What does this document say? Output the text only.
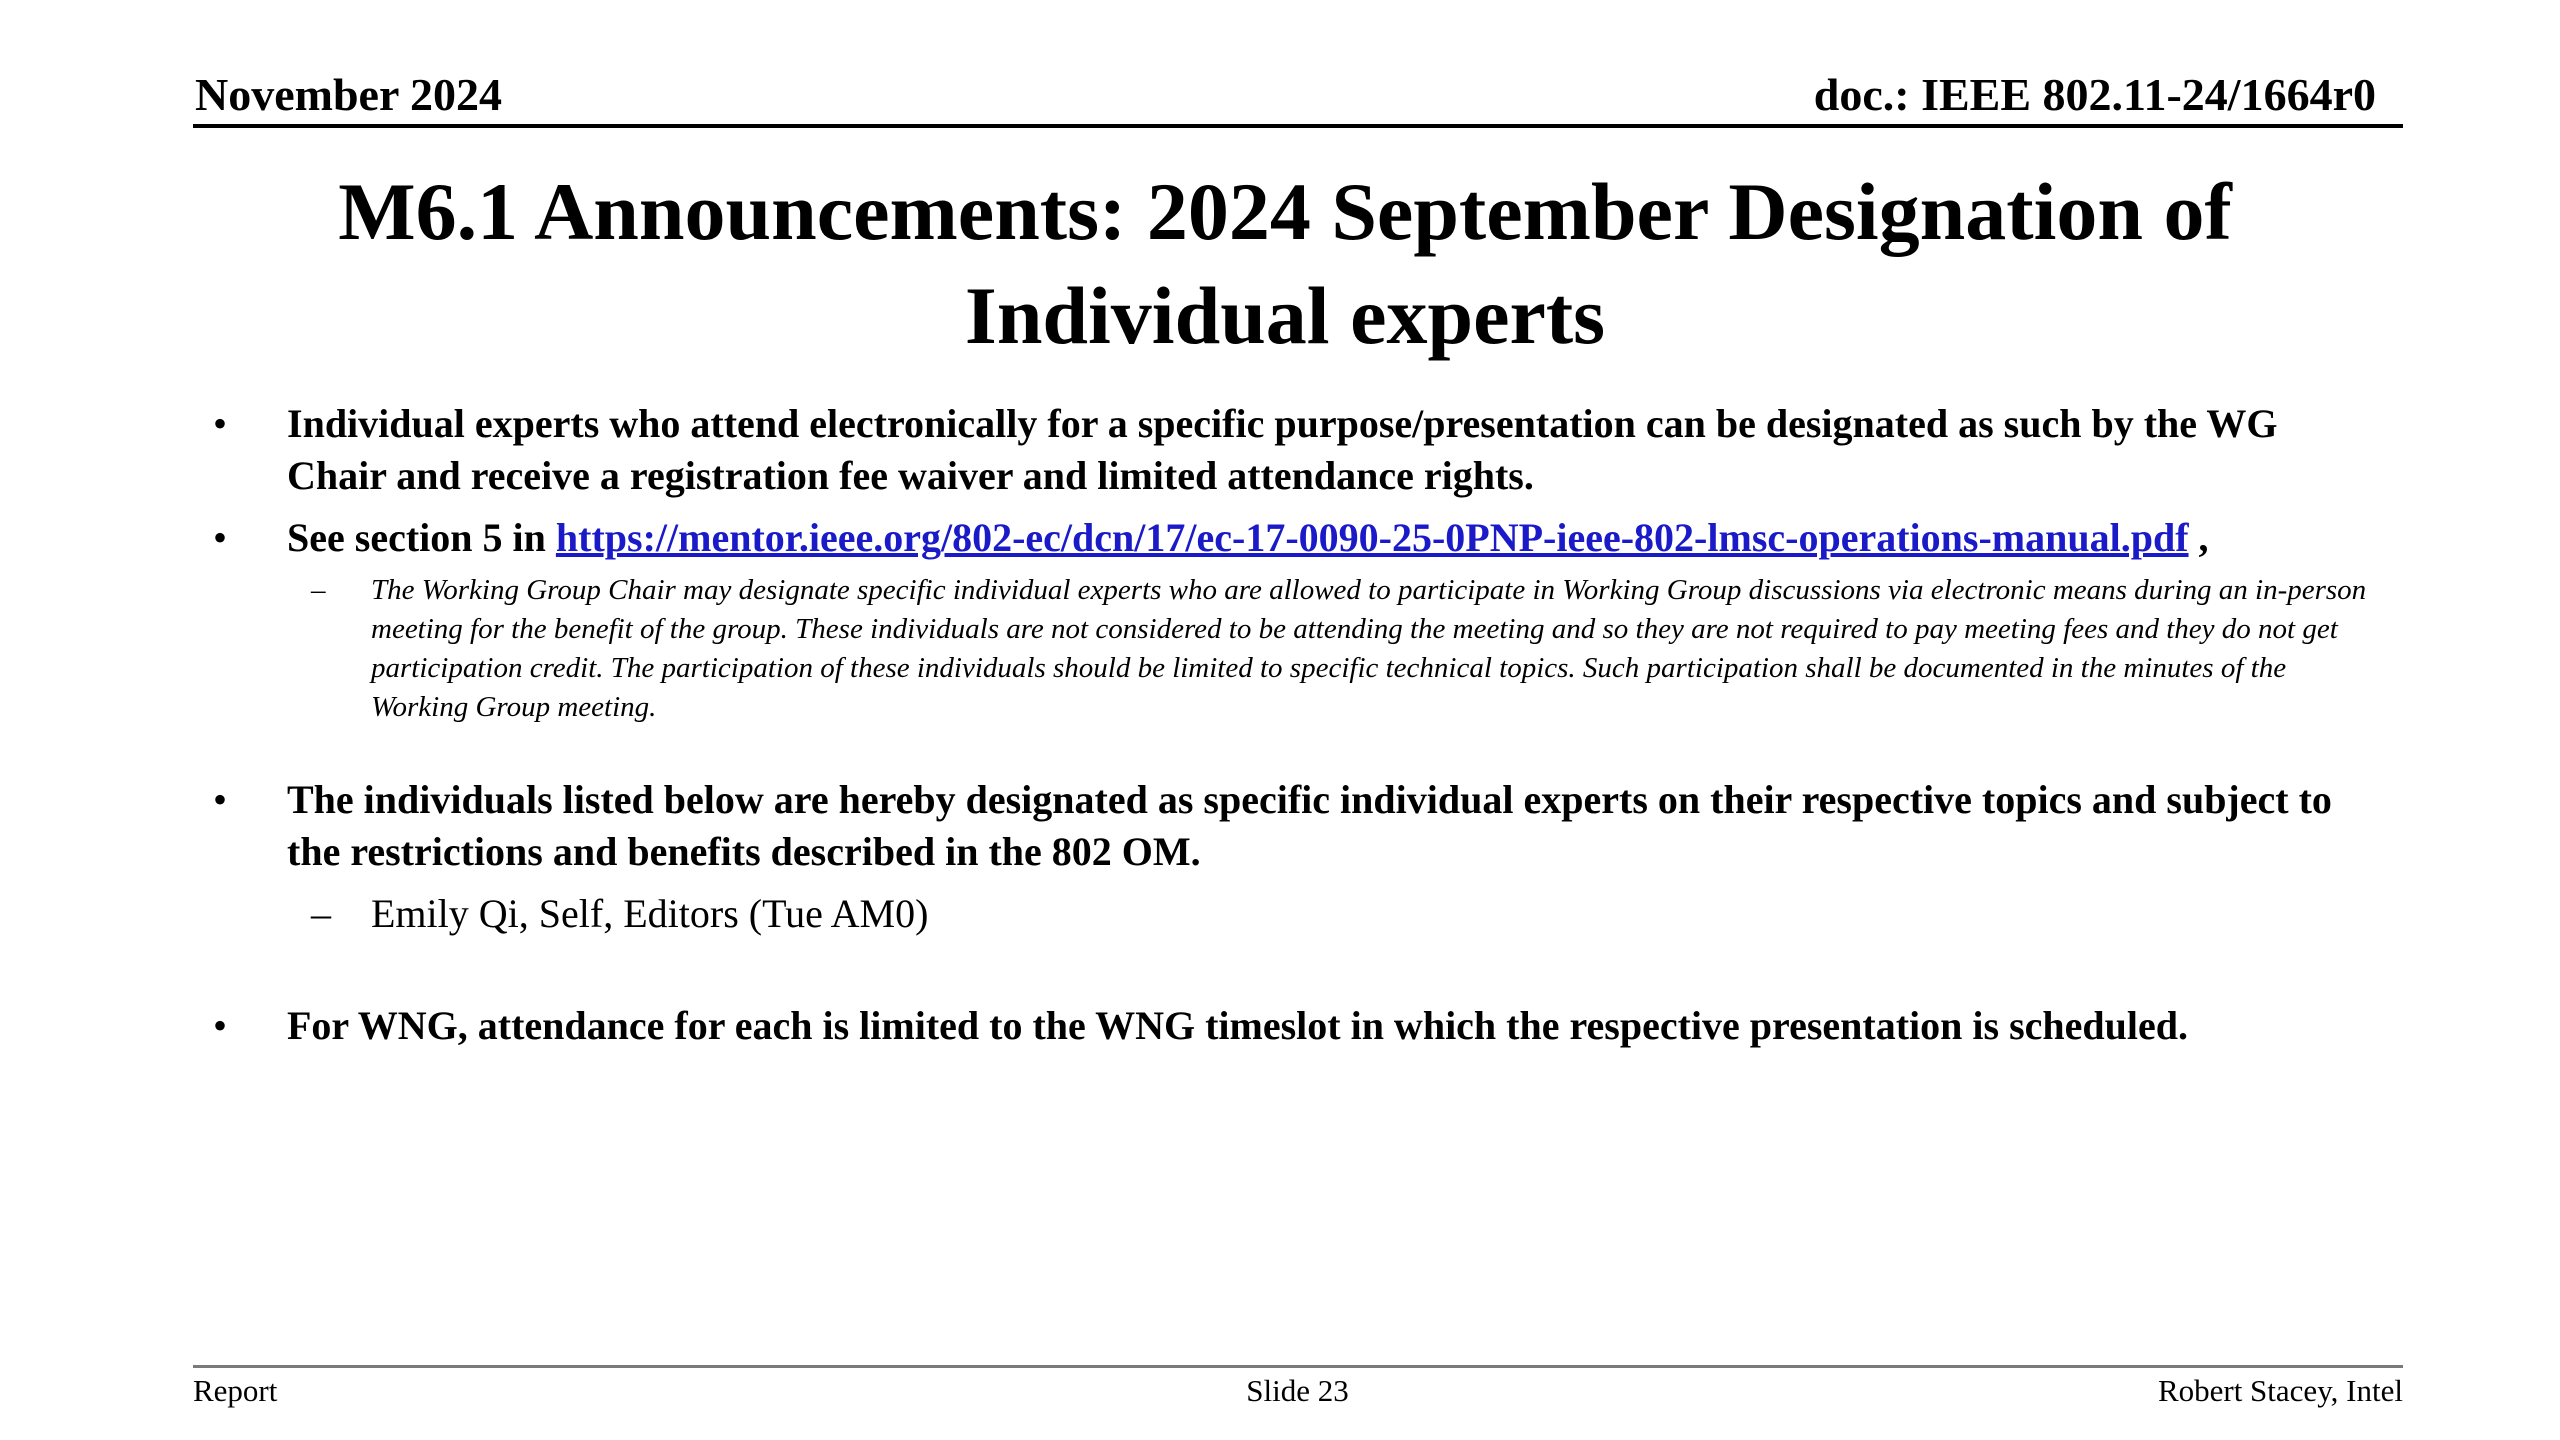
November 2024	doc.: IEEE 802.11-24/1664r0
M6.1 Announcements: 2024 September Designation of Individual experts
• Individual experts who attend electronically for a specific purpose/presentation can be designated as such by the WG Chair and receive a registration fee waiver and limited attendance rights.
• See section 5 in https://mentor.ieee.org/802-ec/dcn/17/ec-17-0090-25-0PNP-ieee-802-lmsc-operations-manual.pdf ,
– The Working Group Chair may designate specific individual experts who are allowed to participate in Working Group discussions via electronic means during an in-person meeting for the benefit of the group. These individuals are not considered to be attending the meeting and so they are not required to pay meeting fees and they do not get participation credit. The participation of these individuals should be limited to specific technical topics. Such participation shall be documented in the minutes of the Working Group meeting.
• The individuals listed below are hereby designated as specific individual experts on their respective topics and subject to the restrictions and benefits described in the 802 OM.
– Emily Qi, Self, Editors (Tue AM0)
• For WNG, attendance for each is limited to the WNG timeslot in which the respective presentation is scheduled.
Report	Slide 23	Robert Stacey, Intel
